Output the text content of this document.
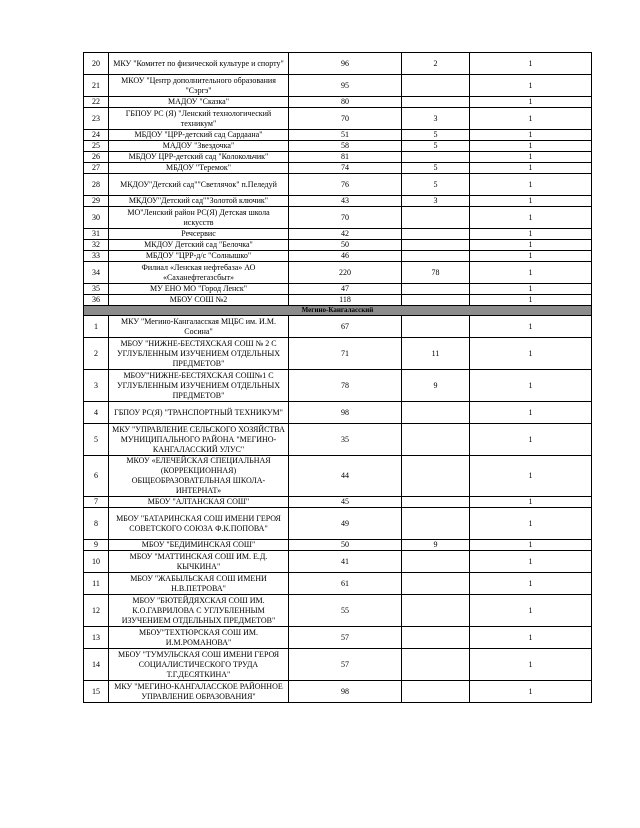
20	МКУ "Комитет по физической культуре и спорту"	96	2	1
21	МКОУ "Центр дополнительного образования "Сэргэ"	95		1
22	МАДОУ "Сказка"	80		1
23	ГБПОУ РС (Я) "Ленский технологический техникум"	70	3	1
24	МБДОУ "ЦРР-детский сад Сардаана"	51	5	1
25	МАДОУ "Звездочка"	58	5	1
26	МБДОУ ЦРР-детский сад "Колокольчик"	81		1
27	МБДОУ "Теремок"	74	5	1
28	МКДОУ"Детский сад""Светлячок" п.Пеледуй	76	5	1
29	МКДОУ"Детский сад""Золотой ключик"	43	3	1
30	МО"Ленский район РС(Я) Детская школа искусств	70		1
31	Речсервис	42		1
32	МКДОУ Детский сад "Белочка"	50		1
33	МБДОУ "ЦРР-д/с "Солнышко"	46		1
34	Филиал «Ленская нефтебаза» АО «Саханефтегазсбыт»	220	78	1
35	МУ ЕНО МО "Город Ленск"	47		1
36	МБОУ СОШ №2	118		1
Мегино-Кангаласский				
1	МКУ "Мегино-Кангаласская МЦБС им. И.М. Сосина"	67		1
2	МБОУ "НИЖНЕ-БЕСТЯХСКАЯ СОШ № 2 С УГЛУБЛЕННЫМ ИЗУЧЕНИЕМ ОТДЕЛЬНЫХ ПРЕДМЕТОВ"	71	11	1
3	МБОУ"НИЖНЕ-БЕСТЯХСКАЯ СОШ№1 С УГЛУБЛЕННЫМ ИЗУЧЕНИЕМ ОТДЕЛЬНЫХ ПРЕДМЕТОВ"	78	9	1
4	ГБПОУ РС(Я) "ТРАНСПОРТНЫЙ ТЕХНИКУМ"	98		1
5	МКУ "УПРАВЛЕНИЕ СЕЛЬСКОГО ХОЗЯЙСТВА МУНИЦИПАЛЬНОГО РАЙОНА "МЕГИНО-КАНГАЛАССКИЙ УЛУС"	35		1
6	МКОУ «ЕЛЕЧЕЙСКАЯ СПЕЦИАЛЬНАЯ (КОРРЕКЦИОННАЯ) ОБЩЕОБРАЗОВАТЕЛЬНАЯ ШКОЛА-ИНТЕРНАТ»	44		1
7	МБОУ "АЛТАНСКАЯ СОШ"	45		1
8	МБОУ "БАТАРИНСКАЯ СОШ ИМЕНИ ГЕРОЯ СОВЕТСКОГО СОЮЗА Ф.К.ПОПОВА"	49		1
9	МБОУ "БЕДИМИНСКАЯ СОШ"	50	9	1
10	МБОУ "МАТТИНСКАЯ СОШ ИМ. Е.Д. КЫЧКИНА"	41		1
11	МБОУ "ЖАБЫЛЬСКАЯ СОШ ИМЕНИ Н.В.ПЕТРОВА"	61		1
12	МБОУ "БЮТЕЙДЯХСКАЯ СОШ ИМ. К.О.ГАВРИЛОВА С УГЛУБЛЕННЫМ ИЗУЧЕНИЕМ ОТДЕЛЬНЫХ ПРЕДМЕТОВ"	55		1
13	МБОУ"ТЕХТЮРСКАЯ СОШ ИМ. И.М.РОМАНОВА"	57		1
14	МБОУ "ТУМУЛЬСКАЯ СОШ ИМЕНИ ГЕРОЯ СОЦИАЛИСТИЧЕСКОГО ТРУДА Т.Г.ДЕСЯТКИНА"	57		1
15	МКУ "МЕГИНО-КАНГАЛАССКОЕ РАЙОННОЕ УПРАВЛЕНИЕ ОБРАЗОВАНИЯ"	98		1
